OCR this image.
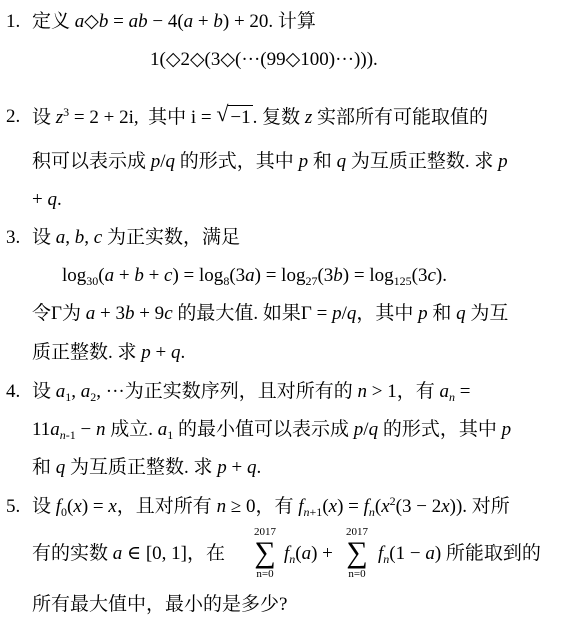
1. 定义 a◇b = ab − 4(a + b) + 20. 计算
1(◇2◇(3◇(···(99◇100)···))).
2. 设 $z^3 = 2 + 2i$,  其中 i = √ −1 . 复数 z 实部所有可能取值的
积可以表示成 p/q 的形式，其中 p 和 q 为互质正整数. 求 p
+ q.
3. 设 a, b, c 为正实数，满足
$\log_{30}(a + b + c) = \log_8(3a) = \log_{27}(3b) = \log_{125}(3c)$.
令Γ为 a + 3b + 9c 的最大值. 如果Γ = p/q，其中 p 和 q 为互
质正整数. 求 p + q.
4. 设 $a_1$, $a_2$, ···为正实数序列，且对所有的 n > 1，有 $a_n$ =
$11a_{n-1} - n$ 成立. $a_1$ 的最小值可以表示成 p/q 的形式，其中 p
和 q 为互质正整数. 求 p + q.
5. 设 $f_0(x) = x$，且对所有 n ≥ 0，有 $f_{n+1}(x) = f_n(x^2(3 - 2x))$. 对所
有的实数 a ∈ [0, 1]，在
2017
∑
n=0
$f_n(a)$ +
2017
∑
n=0
$f_n(1 - a)$ 所能取到的
所有最大值中，最小的是多少?
